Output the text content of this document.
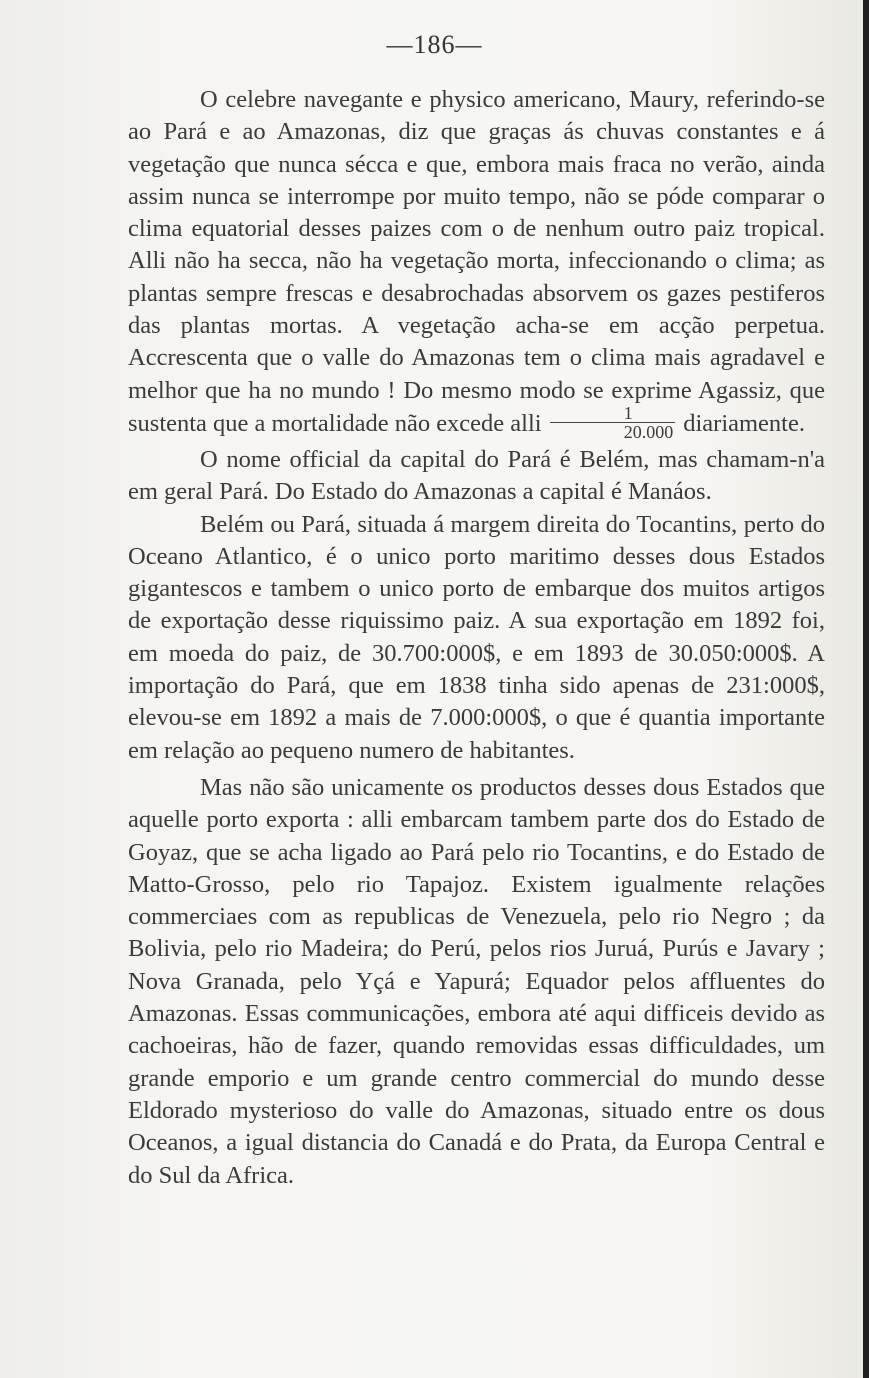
—186—

O celebre navegante e physico americano, Maury, referindo-se ao Pará e ao Amazonas, diz que graças ás chuvas constantes e á vegetação que nunca sécca e que, embora mais fraca no verão, ainda assim nunca se interrompe por muito tempo, não se póde comparar o clima equatorial desses paizes com o de nenhum outro paiz tropical. Alli não ha secca, não ha vegetação morta, infeccionando o clima; as plantas sempre frescas e desabrochadas absorvem os gazes pestiferos das plantas mortas. A vegetação acha-se em acção perpetua. Accrescenta que o valle do Amazonas tem o clima mais agradavel e melhor que ha no mundo ! Do mesmo modo se exprime Agassiz, que sustenta que a mortalidade não excede alli $\frac{1}{20.000}$ diariamente.

O nome official da capital do Pará é Belém, mas chamam-n'a em geral Pará. Do Estado do Amazonas a capital é Manáos.

Belém ou Pará, situada á margem direita do Tocantins, perto do Oceano Atlantico, é o unico porto maritimo desses dous Estados gigantescos e tambem o unico porto de embarque dos muitos artigos de exportação desse riquissimo paiz. A sua exportação em 1892 foi, em moeda do paiz, de 30.700:000$, e em 1893 de 30.050:000$. A importação do Pará, que em 1838 tinha sido apenas de 231:000$, elevou-se em 1892 a mais de 7.000:000$, o que é quantia importante em relação ao pequeno numero de habitantes.

Mas não são unicamente os productos desses dous Estados que aquelle porto exporta : alli embarcam tambem parte dos do Estado de Goyaz, que se acha ligado ao Pará pelo rio Tocantins, e do Estado de Matto-Grosso, pelo rio Tapajoz. Existem igualmente relações commerciaes com as republicas de Venezuela, pelo rio Negro ; da Bolivia, pelo rio Madeira; do Perú, pelos rios Juruá, Purús e Javary ; Nova Granada, pelo Yçá e Yapurá; Equador pelos affluentes do Amazonas. Essas communicações, embora até aqui difficeis devido as cachoeiras, hão de fazer, quando removidas essas difficuldades, um grande emporio e um grande centro commercial do mundo desse Eldorado mysterioso do valle do Amazonas, situado entre os dous Oceanos, a igual distancia do Canadá e do Prata, da Europa Central e do Sul da Africa.
